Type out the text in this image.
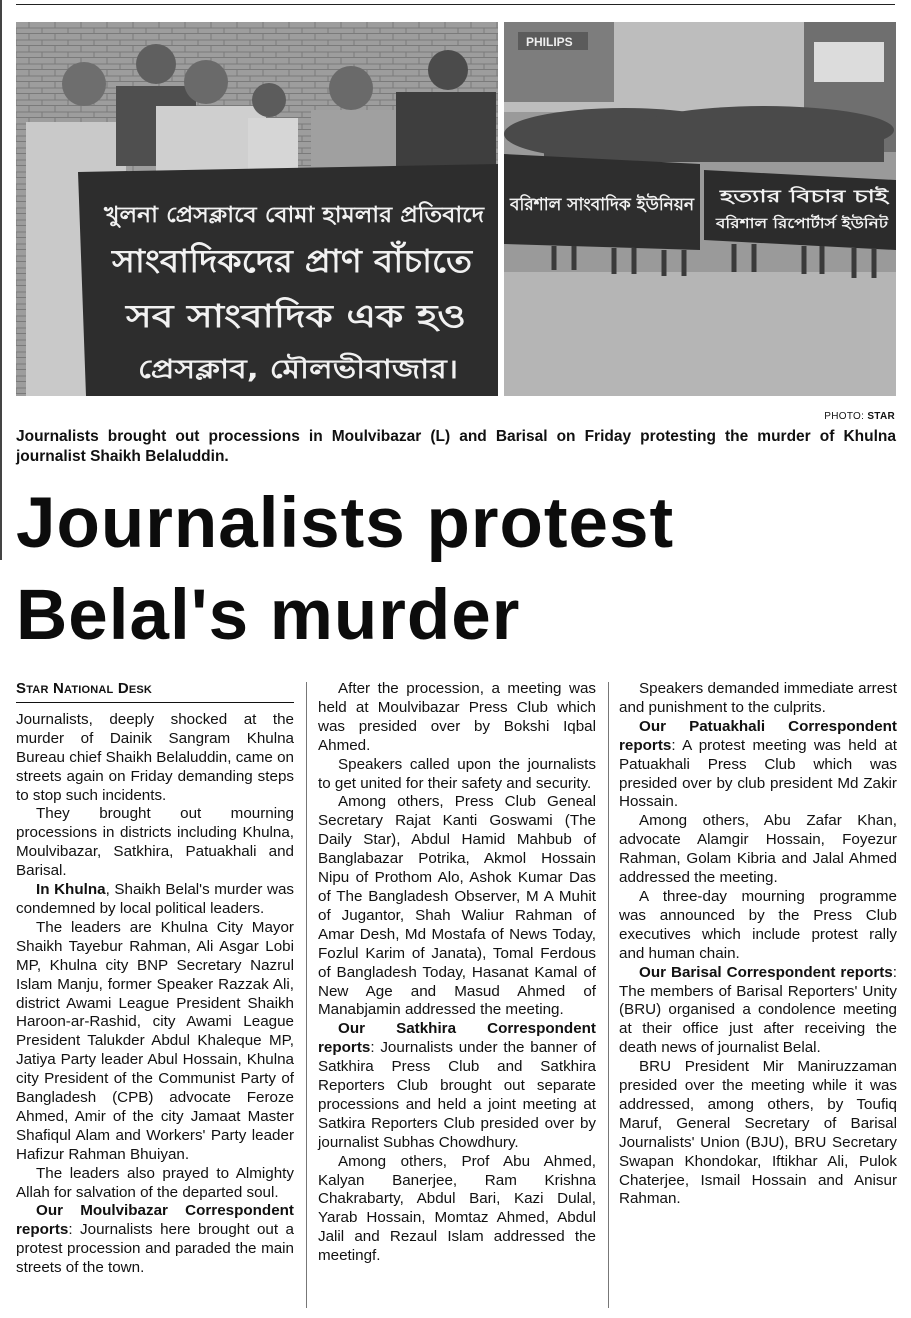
খুলনা প্রেসক্লাবে বোমা হামলার প্রতিবাদে
সাংবাদিকদের প্রাণ বাঁচাতে
সব সাংবাদিক এক হও
প্রেসক্লাব, মৌলভীবাজার।
PHILIPS
বরিশাল সাংবাদিক ইউনিয়ন হত্যার বিচার চাই
বরিশাল রিপোর্টার্স ইউনিট
PHOTO: STAR
Journalists brought out processions in Moulvibazar (L) and Barisal on Friday protesting the murder of Khulna journalist Shaikh Belaluddin.
Journalists protest
Belal's murder
Star National Desk

Journalists, deeply shocked at the murder of Dainik Sangram Khulna Bureau chief Shaikh Belaluddin, came on streets again on Friday demanding steps to stop such incidents.

They brought out mourning processions in districts including Khulna, Moulvibazar, Satkhira, Patuakhali and Barisal.

In Khulna, Shaikh Belal's murder was condemned by local political leaders.

The leaders are Khulna City Mayor Shaikh Tayebur Rahman, Ali Asgar Lobi MP, Khulna city BNP Secretary Nazrul Islam Manju, former Speaker Razzak Ali, district Awami League President Shaikh Haroon-ar-Rashid, city Awami League President Talukder Abdul Khaleque MP, Jatiya Party leader Abul Hossain, Khulna city President of the Communist Party of Bangladesh (CPB) advocate Feroze Ahmed, Amir of the city Jamaat Master Shafiqul Alam and Workers' Party leader Hafizur Rahman Bhuiyan.

The leaders also prayed to Almighty Allah for salvation of the departed soul.

Our Moulvibazar Correspondent reports: Journalists here brought out a protest procession and paraded the main streets of the town.

After the procession, a meeting was held at Moulvibazar Press Club which was presided over by Bokshi Iqbal Ahmed.

Speakers called upon the journalists to get united for their safety and security.

Among others, Press Club Geneal Secretary Rajat Kanti Goswami (The Daily Star), Abdul Hamid Mahbub of Banglabazar Potrika, Akmol Hossain Nipu of Prothom Alo, Ashok Kumar Das of The Bangladesh Observer, M A Muhit of Jugantor, Shah Waliur Rahman of Amar Desh, Md Mostafa of News Today, Fozlul Karim of Janata), Tomal Ferdous of Bangladesh Today, Hasanat Kamal of New Age and Masud Ahmed of Manabjamin addressed the meeting.

Our Satkhira Correspondent reports: Journalists under the banner of Satkhira Press Club and Satkhira Reporters Club brought out separate processions and held a joint meeting at Satkira Reporters Club presided over by journalist Subhas Chowdhury.

Among others, Prof Abu Ahmed, Kalyan Banerjee, Ram Krishna Chakrabarty, Abdul Bari, Kazi Dulal, Yarab Hossain, Momtaz Ahmed, Abdul Jalil and Rezaul Islam addressed the meetingf.

Speakers demanded immediate arrest and punishment to the culprits.

Our Patuakhali Correspondent reports: A protest meeting was held at Patuakhali Press Club which was presided over by club president Md Zakir Hossain.

Among others, Abu Zafar Khan, advocate Alamgir Hossain, Foyezur Rahman, Golam Kibria and Jalal Ahmed addressed the meeting.

A three-day mourning programme was announced by the Press Club executives which include protest rally and human chain.

Our Barisal Correspondent reports: The members of Barisal Reporters' Unity (BRU) organised a condolence meeting at their office just after receiving the death news of journalist Belal.

BRU President Mir Maniruzzaman presided over the meeting while it was addressed, among others, by Toufiq Maruf, General Secretary of Barisal Journalists' Union (BJU), BRU Secretary Swapan Khondokar, Iftikhar Ali, Pulok Chaterjee, Ismail Hossain and Anisur Rahman.
